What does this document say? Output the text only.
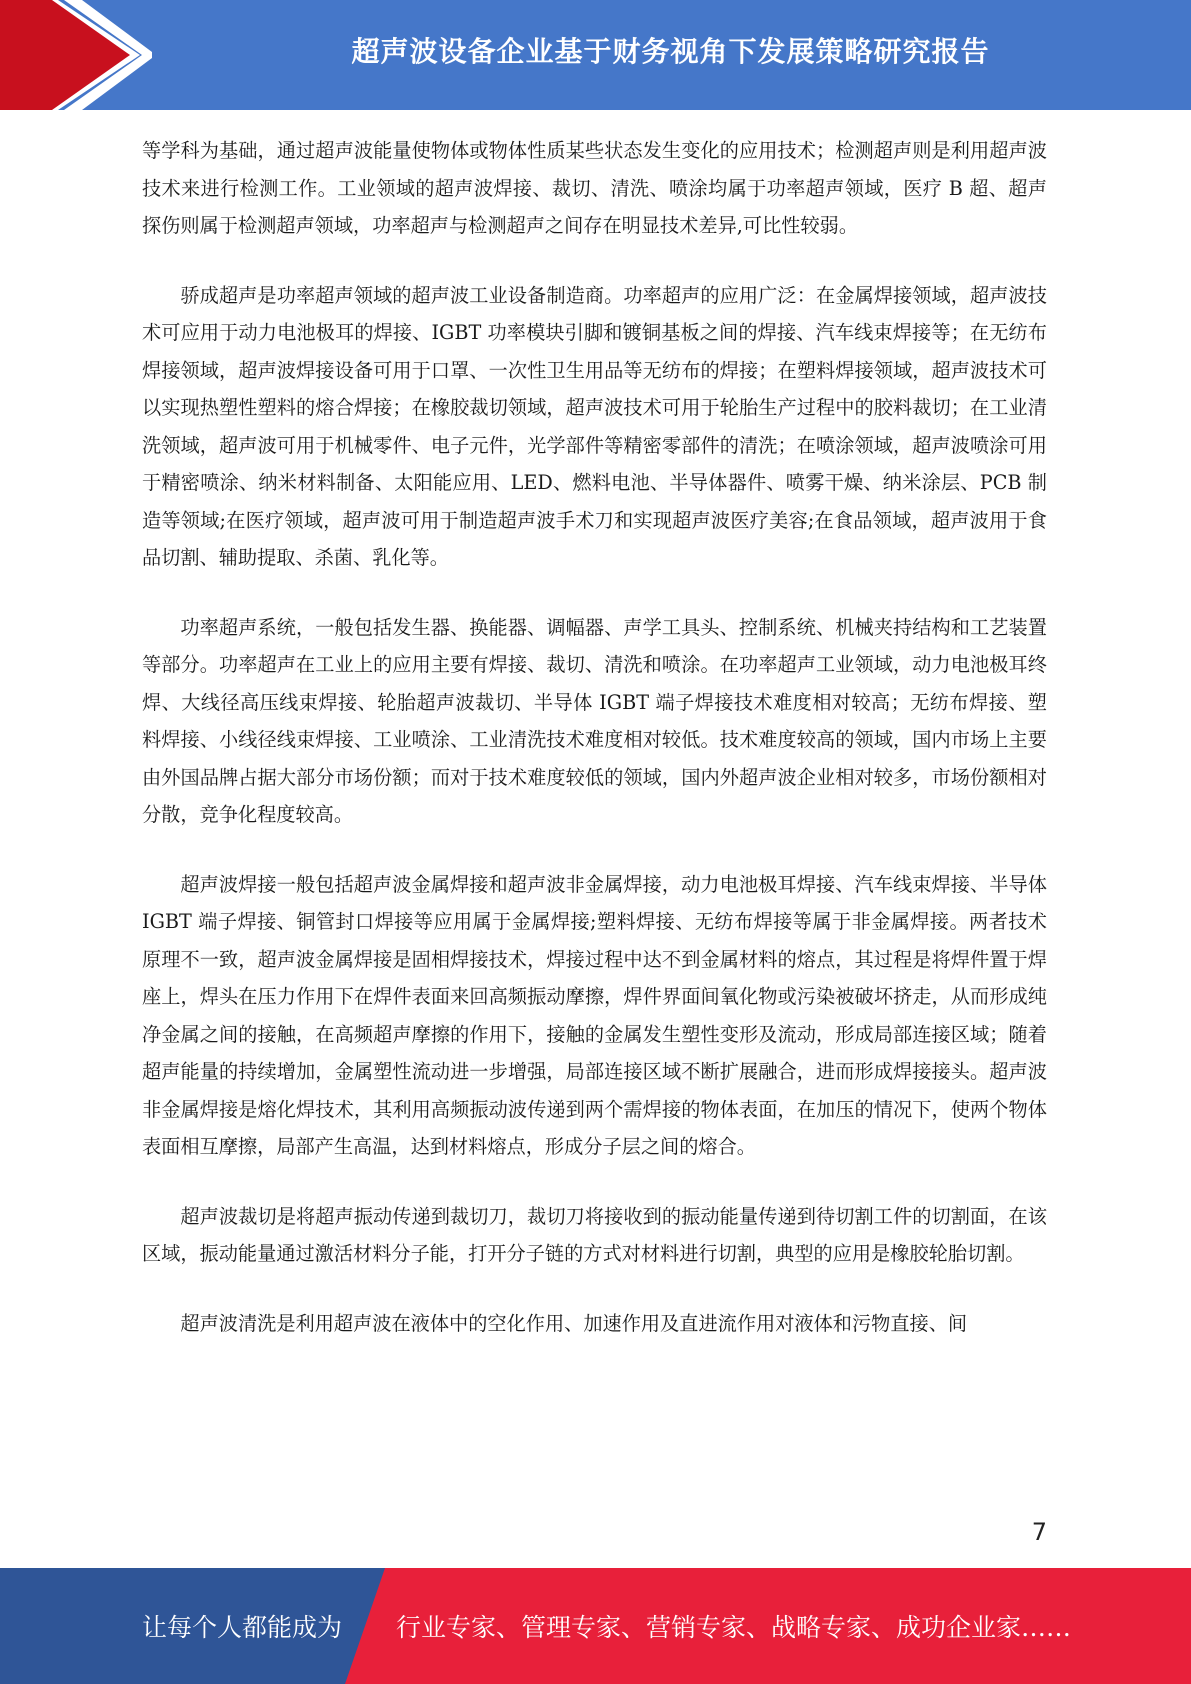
超声波设备企业基于财务视角下发展策略研究报告

等学科为基础，通过超声波能量使物体或物体性质某些状态发生变化的应用技术；检测超声则是利用超声波技术来进行检测工作。工业领域的超声波焊接、裁切、清洗、喷涂均属于功率超声领域，医疗 B 超、超声探伤则属于检测超声领域，功率超声与检测超声之间存在明显技术差异,可比性较弱。

骄成超声是功率超声领域的超声波工业设备制造商。功率超声的应用广泛：在金属焊接领域，超声波技术可应用于动力电池极耳的焊接、IGBT 功率模块引脚和镀铜基板之间的焊接、汽车线束焊接等；在无纺布焊接领域，超声波焊接设备可用于口罩、一次性卫生用品等无纺布的焊接；在塑料焊接领域，超声波技术可以实现热塑性塑料的熔合焊接；在橡胶裁切领域，超声波技术可用于轮胎生产过程中的胶料裁切；在工业清洗领域，超声波可用于机械零件、电子元件，光学部件等精密零部件的清洗；在喷涂领域，超声波喷涂可用于精密喷涂、纳米材料制备、太阳能应用、LED、燃料电池、半导体器件、喷雾干燥、纳米涂层、PCB 制造等领域;在医疗领域，超声波可用于制造超声波手术刀和实现超声波医疗美容;在食品领域，超声波用于食品切割、辅助提取、杀菌、乳化等。

功率超声系统，一般包括发生器、换能器、调幅器、声学工具头、控制系统、机械夹持结构和工艺装置等部分。功率超声在工业上的应用主要有焊接、裁切、清洗和喷涂。在功率超声工业领域，动力电池极耳终焊、大线径高压线束焊接、轮胎超声波裁切、半导体 IGBT 端子焊接技术难度相对较高；无纺布焊接、塑料焊接、小线径线束焊接、工业喷涂、工业清洗技术难度相对较低。技术难度较高的领域，国内市场上主要由外国品牌占据大部分市场份额；而对于技术难度较低的领域，国内外超声波企业相对较多，市场份额相对分散，竞争化程度较高。

超声波焊接一般包括超声波金属焊接和超声波非金属焊接，动力电池极耳焊接、汽车线束焊接、半导体 IGBT 端子焊接、铜管封口焊接等应用属于金属焊接;塑料焊接、无纺布焊接等属于非金属焊接。两者技术原理不一致，超声波金属焊接是固相焊接技术，焊接过程中达不到金属材料的熔点，其过程是将焊件置于焊座上，焊头在压力作用下在焊件表面来回高频振动摩擦，焊件界面间氧化物或污染被破坏挤走，从而形成纯净金属之间的接触，在高频超声摩擦的作用下，接触的金属发生塑性变形及流动，形成局部连接区域；随着超声能量的持续增加，金属塑性流动进一步增强，局部连接区域不断扩展融合，进而形成焊接接头。超声波非金属焊接是熔化焊技术，其利用高频振动波传递到两个需焊接的物体表面，在加压的情况下，使两个物体表面相互摩擦，局部产生高温，达到材料熔点，形成分子层之间的熔合。

超声波裁切是将超声振动传递到裁切刀，裁切刀将接收到的振动能量传递到待切割工件的切割面，在该区域，振动能量通过激活材料分子能，打开分子链的方式对材料进行切割，典型的应用是橡胶轮胎切割。

超声波清洗是利用超声波在液体中的空化作用、加速作用及直进流作用对液体和污物直接、间

7
让每个人都能成为 行业专家、管理专家、营销专家、战略专家、成功企业家……
